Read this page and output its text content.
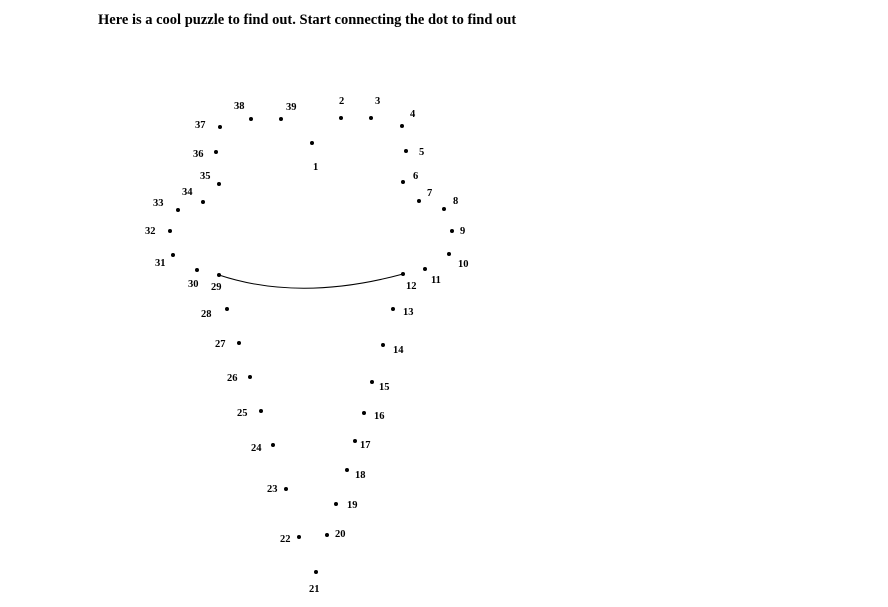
Here is a cool puzzle to find out. Start connecting the dot to find out
1
2	3
4
5
6
7
8
9
10
11
12
13
14
15
16
17
18
19
20
21
22
23
24
25
26
27
28
29
30
31
32
33
34
35
36
37
38	39
